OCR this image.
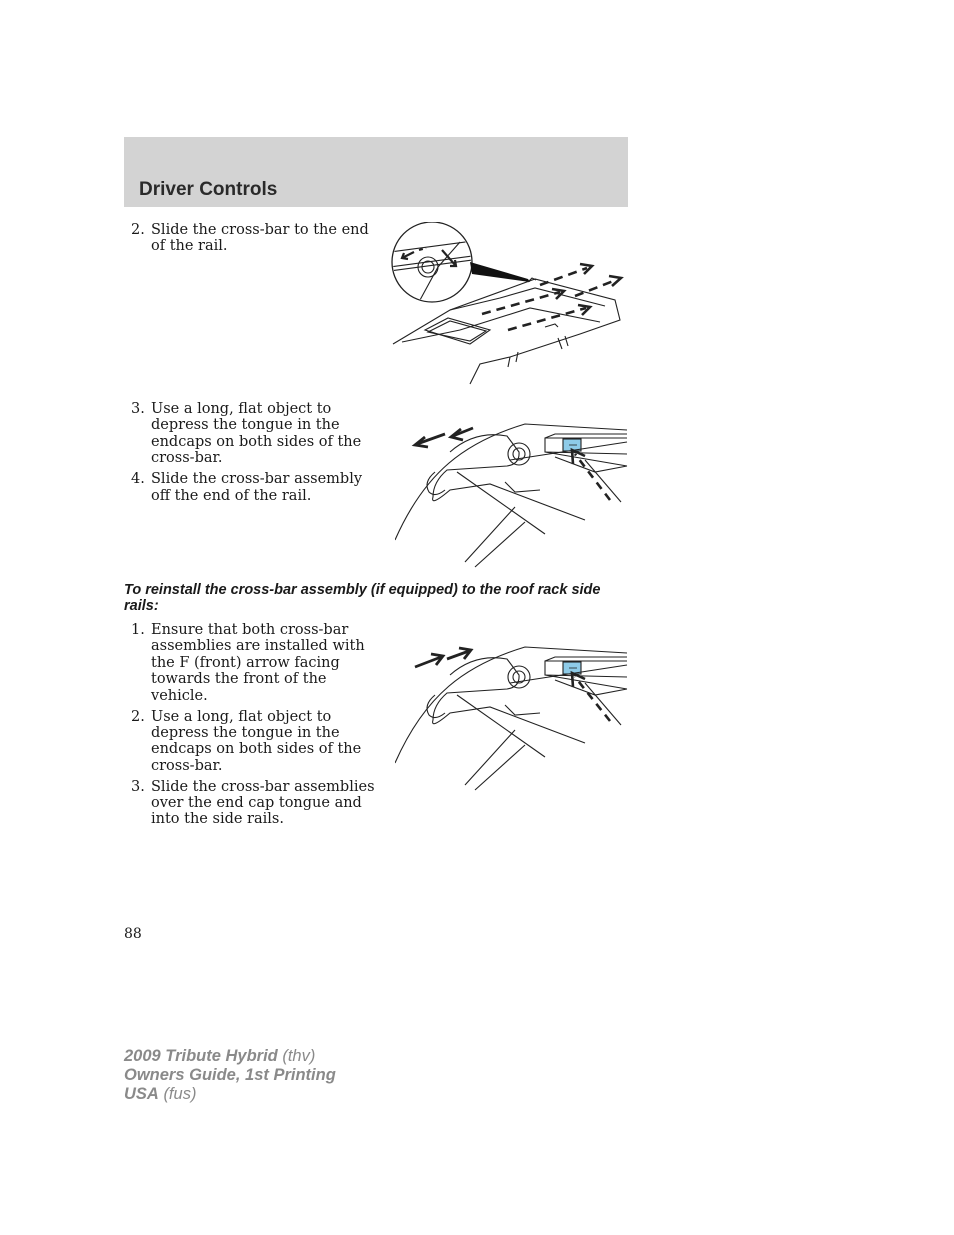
Driver Controls
2. Slide the cross-bar to the end of the rail.
3. Use a long, flat object to depress the tongue in the endcaps on both sides of the cross-bar.
4. Slide the cross-bar assembly off the end of the rail.

To reinstall the cross-bar assembly (if equipped) to the roof rack side rails:

1. Ensure that both cross-bar assemblies are installed with the F (front) arrow facing towards the front of the vehicle.
2. Use a long, flat object to depress the tongue in the endcaps on both sides of the cross-bar.
3. Slide the cross-bar assemblies over the end cap tongue and into the side rails.
88
2009 Tribute Hybrid (thv)
Owners Guide, 1st Printing
USA (fus)
